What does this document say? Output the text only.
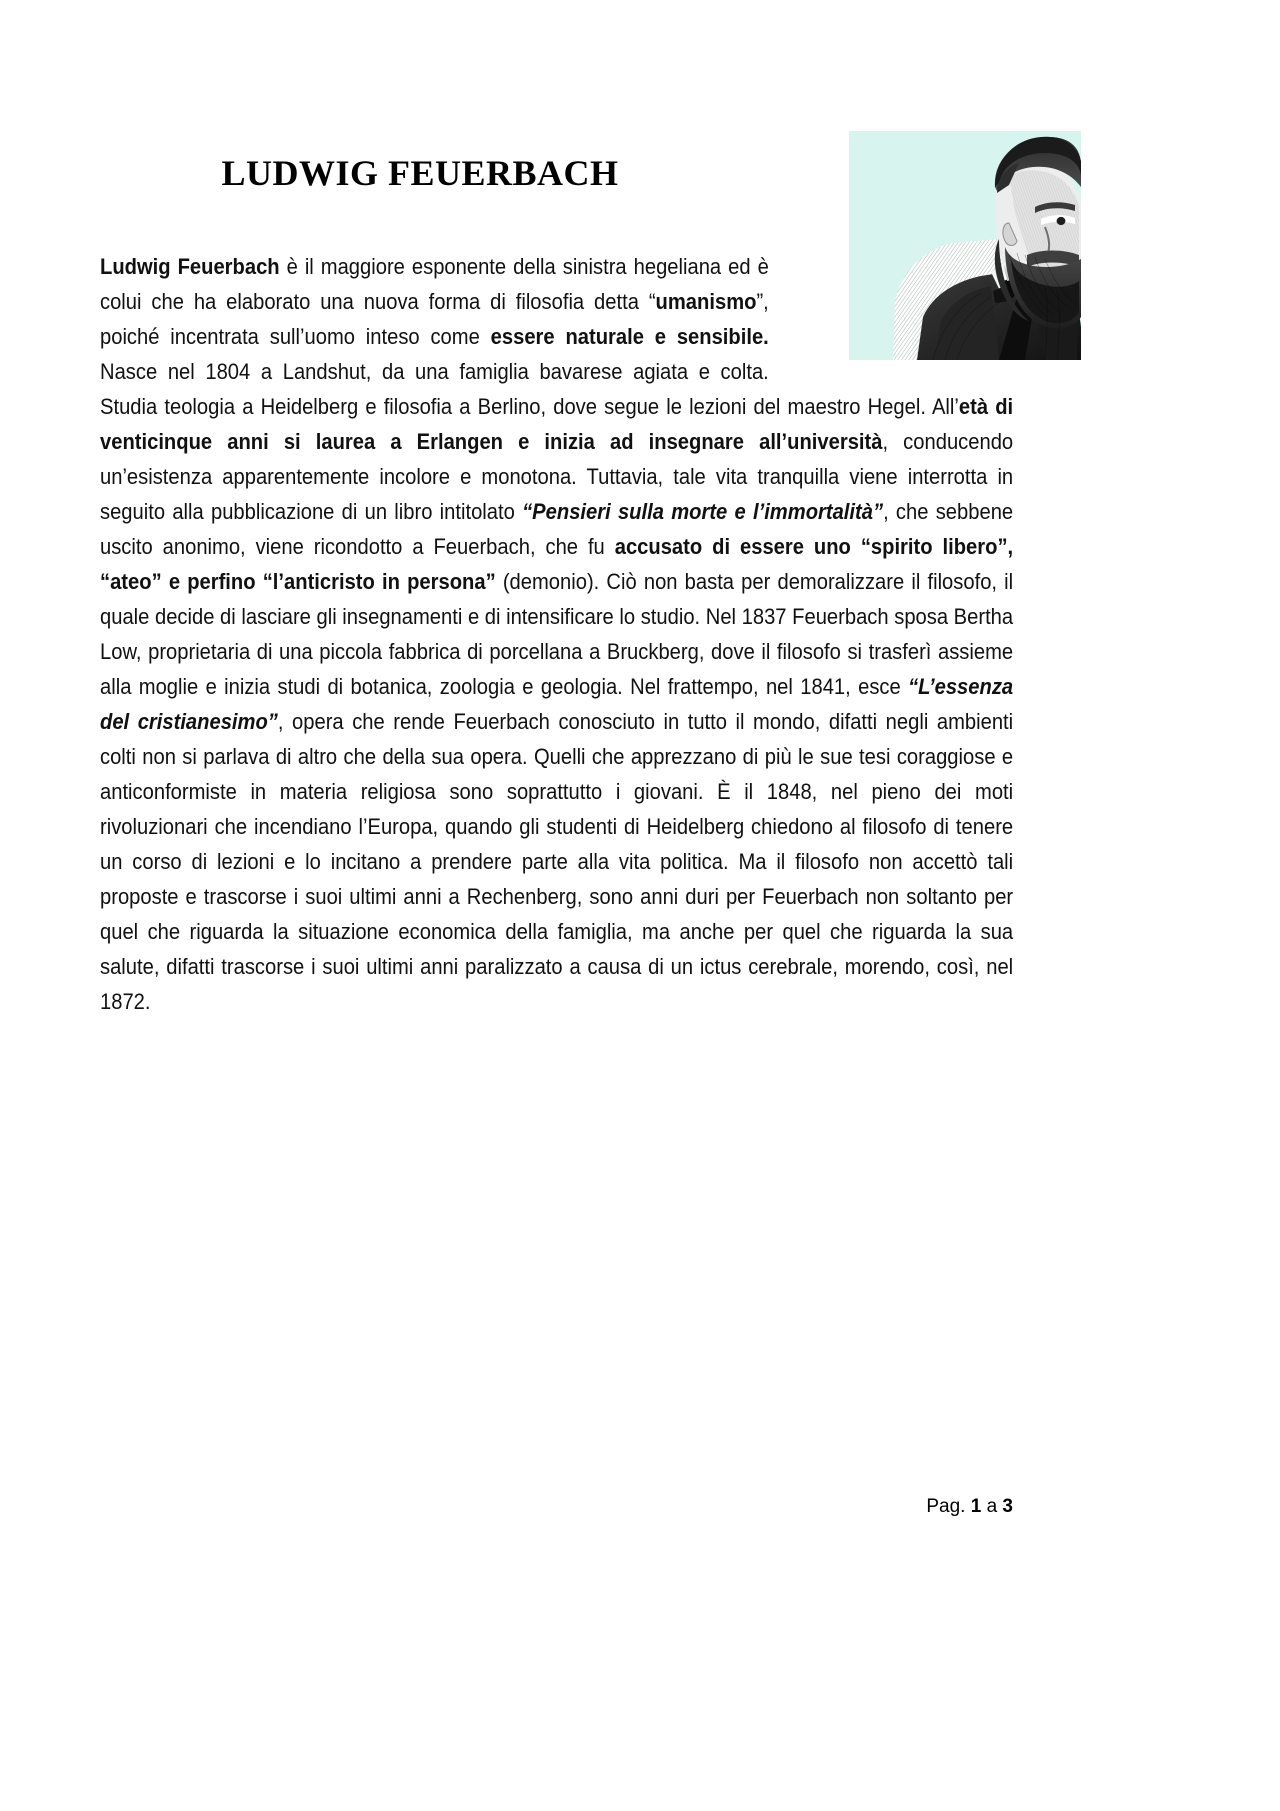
LUDWIG FEUERBACH
Ludwig Feuerbach è il maggiore esponente della sinistra hegeliana ed è colui che ha elaborato una nuova forma di filosofia detta “umanismo”, poiché incentrata sull’uomo inteso come essere naturale e sensibile. Nasce nel 1804 a Landshut, da una famiglia bavarese agiata e colta. Studia teologia a Heidelberg e filosofia a Berlino, dove segue le lezioni del maestro Hegel. All’età di venticinque anni si laurea a Erlangen e inizia ad insegnare all’università, conducendo un’esistenza apparentemente incolore e monotona. Tuttavia, tale vita tranquilla viene interrotta in seguito alla pubblicazione di un libro intitolato “Pensieri sulla morte e l’immortalità”, che sebbene uscito anonimo, viene ricondotto a Feuerbach, che fu accusato di essere uno “spirito libero”, “ateo” e perfino “l’anticristo in persona” (demonio). Ciò non basta per demoralizzare il filosofo, il quale decide di lasciare gli insegnamenti e di intensificare lo studio. Nel 1837 Feuerbach sposa Bertha Low, proprietaria di una piccola fabbrica di porcellana a Bruckberg, dove il filosofo si trasferì assieme alla moglie e inizia studi di botanica, zoologia e geologia. Nel frattempo, nel 1841, esce “L’essenza del cristianesimo”, opera che rende Feuerbach conosciuto in tutto il mondo, difatti negli ambienti colti non si parlava di altro che della sua opera. Quelli che apprezzano di più le sue tesi coraggiose e anticonformiste in materia religiosa sono soprattutto i giovani. È il 1848, nel pieno dei moti rivoluzionari che incendiano l’Europa, quando gli studenti di Heidelberg chiedono al filosofo di tenere un corso di lezioni e lo incitano a prendere parte alla vita politica. Ma il filosofo non accettò tali proposte e trascorse i suoi ultimi anni a Rechenberg, sono anni duri per Feuerbach non soltanto per quel che riguarda la situazione economica della famiglia, ma anche per quel che riguarda la sua salute, difatti trascorse i suoi ultimi anni paralizzato a causa di un ictus cerebrale, morendo, così, nel 1872.
Pag. 1 a 3
